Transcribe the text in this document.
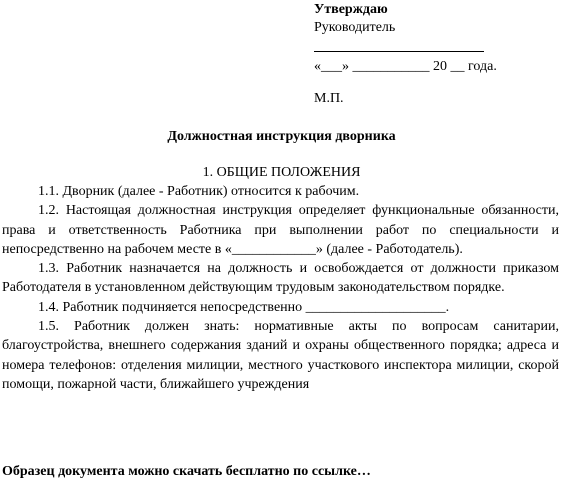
Утверждаю
Руководитель
«___» ___________ 20 __ года.
М.П.
Должностная инструкция дворника
1. ОБЩИЕ ПОЛОЖЕНИЯ

1.1. Дворник (далее - Работник) относится к рабочим.

1.2. Настоящая должностная инструкция определяет функциональные обязанности, права и ответственность Работника при выполнении работ по специальности и непосредственно на рабочем месте в «____________» (далее - Работодатель).

1.3. Работник назначается на должность и освобождается от должности приказом Работодателя в установленном действующим трудовым законодательством порядке.

1.4. Работник подчиняется непосредственно ____________________.

1.5. Работник должен знать: нормативные акты по вопросам санитарии, благоустройства, внешнего содержания зданий и охраны общественного порядка; адреса и номера телефонов: отделения милиции, местного участкового инспектора милиции, скорой помощи, пожарной части, ближайшего учреждения

Образец документа можно скачать бесплатно по ссылке…
